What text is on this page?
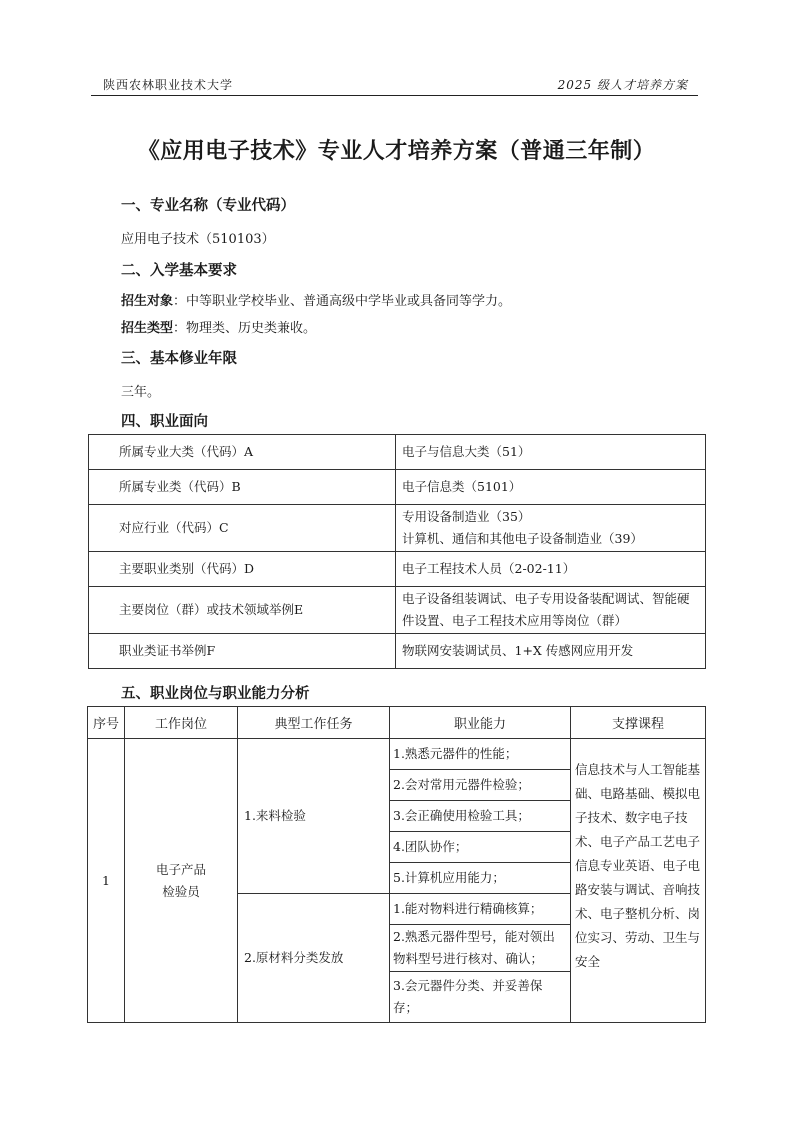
陕西农林职业技术大学	2025 级人才培养方案
《应用电子技术》专业人才培养方案（普通三年制）
一、专业名称（专业代码）
应用电子技术（510103）
二、入学基本要求
招生对象：中等职业学校毕业、普通高级中学毕业或具备同等学力。
招生类型：物理类、历史类兼收。
三、基本修业年限
三年。
四、职业面向
所属专业大类（代码）A	电子与信息大类（51）
所属专业类（代码）B	电子信息类（5101）
对应行业（代码）C	专用设备制造业（35）
计算机、通信和其他电子设备制造业（39）

主要职业类别（代码）D	电子工程技术人员（2-02-11）
主要岗位（群）或技术领域举例E	电子设备组装调试、电子专用设备装配调试、智能硬件设置、电子工程技术应用等岗位（群）
职业类证书举例F	物联网安装调试员、1+X 传感网应用开发
五、职业岗位与职业能力分析
序号	工作岗位	典型工作任务	职业能力	支撑课程
1	电子产品
检验员	1.来料检验	1.熟悉元器件的性能；	信息技术与人工智能基础、电路基础、模拟电子技术、数字电子技术、电子产品工艺电子信息专业英语、电子电路安装与调试、音响技术、电子整机分析、岗位实习、劳动、卫生与安全
			2.会对常用元器件检验；	
			3.会正确使用检验工具；	
			4.团队协作；	
			5.计算机应用能力；	
		2.原材料分类发放	1.能对物料进行精确核算；	
			2.熟悉元器件型号，能对领出物料型号进行核对、确认；	
			3.会元器件分类、并妥善保存；	
